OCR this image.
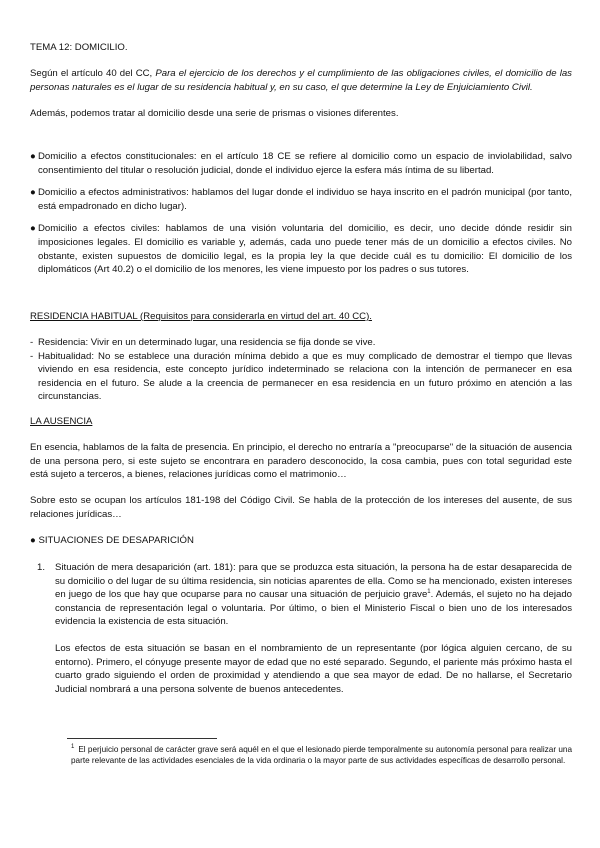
TEMA 12: DOMICILIO.

Según el artículo 40 del CC, Para el ejercicio de los derechos y el cumplimiento de las obligaciones civiles, el domicilio de las personas naturales es el lugar de su residencia habitual y, en su caso, el que determine la Ley de Enjuiciamiento Civil.

Además, podemos tratar al domicilio desde una serie de prismas o visiones diferentes.

● Domicilio a efectos constitucionales: en el artículo 18 CE se refiere al domicilio como un espacio de inviolabilidad, salvo consentimiento del titular o resolución judicial, donde el individuo ejerce la esfera más íntima de su libertad.
● Domicilio a efectos administrativos: hablamos del lugar donde el individuo se haya inscrito en el padrón municipal (por tanto, está empadronado en dicho lugar).
● Domicilio a efectos civiles: hablamos de una visión voluntaria del domicilio, es decir, uno decide dónde residir sin imposiciones legales. El domicilio es variable y, además, cada uno puede tener más de un domicilio a efectos civiles. No obstante, existen supuestos de domicilio legal, es la propia ley la que decide cuál es tu domicilio: El domicilio de los diplomáticos (Art 40.2) o el domicilio de los menores, les viene impuesto por los padres o sus tutores.
RESIDENCIA HABITUAL (Requisitos para considerarla en virtud del art. 40 CC).
- Residencia: Vivir en un determinado lugar, una residencia se fija donde se vive.
- Habitualidad: No se establece una duración mínima debido a que es muy complicado de demostrar el tiempo que llevas viviendo en esa residencia, este concepto jurídico indeterminado se relaciona con la intención de permanecer en esa residencia en el futuro. Se alude a la creencia de permanecer en esa residencia en un futuro próximo en atención a las circunstancias.
LA AUSENCIA
En esencia, hablamos de la falta de presencia. En principio, el derecho no entraría a "preocuparse" de la situación de ausencia de una persona pero, si este sujeto se encontrara en paradero desconocido, la cosa cambia, pues con total seguridad este está sujeto a terceros, a bienes, relaciones jurídicas como el matrimonio…
Sobre esto se ocupan los artículos 181-198 del Código Civil. Se habla de la protección de los intereses del ausente, de sus relaciones jurídicas…
● SITUACIONES DE DESAPARICIÓN
1. Situación de mera desaparición (art. 181): para que se produzca esta situación, la persona ha de estar desaparecida de su domicilio o del lugar de su última residencia, sin noticias aparentes de ella. Como se ha mencionado, existen intereses en juego de los que hay que ocuparse para no causar una situación de perjuicio grave$^1$. Además, el sujeto no ha dejado constancia de representación legal o voluntaria. Por último, o bien el Ministerio Fiscal o bien uno de los interesados evidencia la existencia de esta situación.
Los efectos de esta situación se basan en el nombramiento de un representante (por lógica alguien cercano, de su entorno). Primero, el cónyuge presente mayor de edad que no esté separado. Segundo, el pariente más próximo hasta el cuarto grado siguiendo el orden de proximidad y atendiendo a que sea mayor de edad. De no hallarse, el Secretario Judicial nombrará a una persona solvente de buenos antecedentes.
$^1$ El perjuicio personal de carácter grave será aquél en el que el lesionado pierde temporalmente su autonomía personal para realizar una parte relevante de las actividades esenciales de la vida ordinaria o la mayor parte de sus actividades específicas de desarrollo personal.
